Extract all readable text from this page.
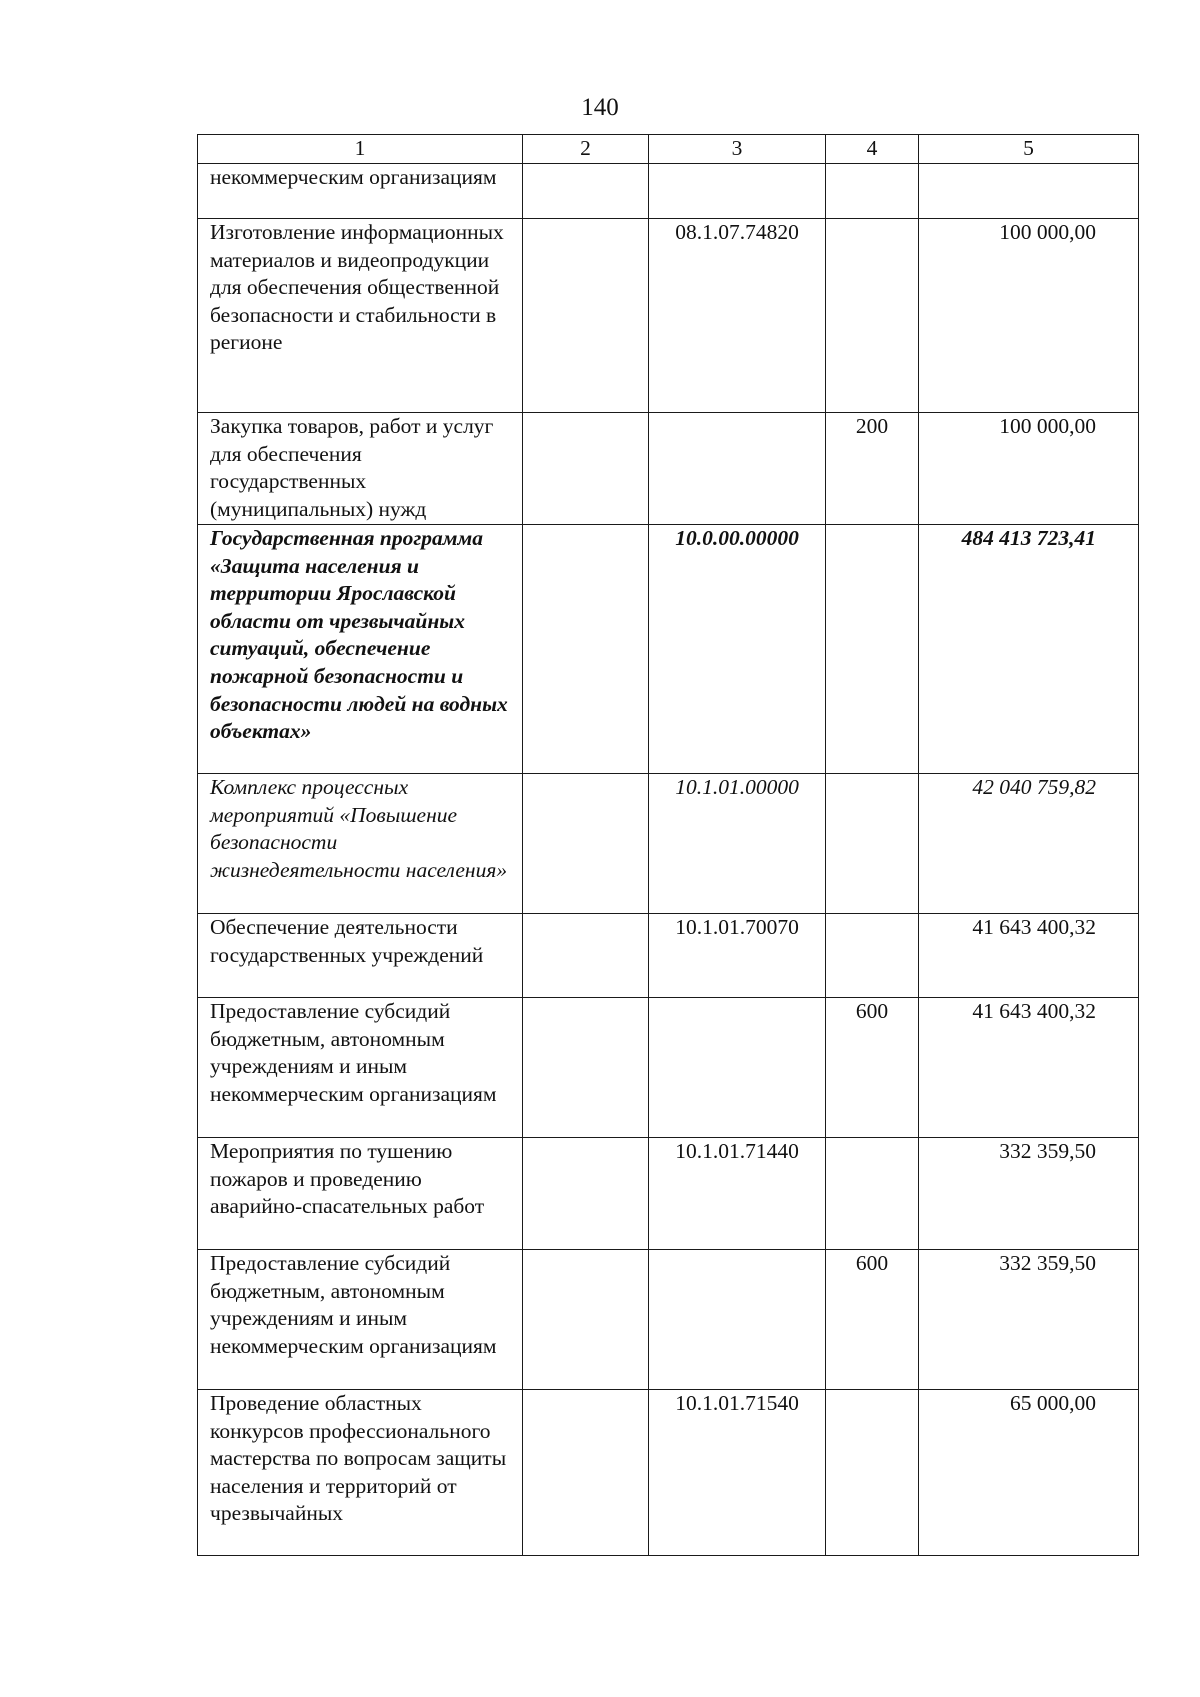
140
1	2	3	4	5
некоммерческим организациям				
Изготовление информационных материалов и видеопродукции для обеспечения общественной безопасности и стабильности в регионе		08.1.07.74820		100 000,00
Закупка товаров, работ и услуг для обеспечения государственных (муниципальных) нужд			200	100 000,00
Государственная программа «Защита населения и территории Ярославской области от чрезвычайных ситуаций, обеспечение пожарной безопасности и безопасности людей на водных объектах»		10.0.00.00000		484 413 723,41
Комплекс процессных мероприятий «Повышение безопасности жизнедеятельности населения»		10.1.01.00000		42 040 759,82
Обеспечение деятельности государственных учреждений		10.1.01.70070		41 643 400,32
Предоставление субсидий бюджетным, автономным учреждениям и иным некоммерческим организациям			600	41 643 400,32
Мероприятия по тушению пожаров и проведению аварийно-спасательных работ		10.1.01.71440		332 359,50
Предоставление субсидий бюджетным, автономным учреждениям и иным некоммерческим организациям			600	332 359,50
Проведение областных конкурсов профессионального мастерства по вопросам защиты населения и территорий от чрезвычайных		10.1.01.71540		65 000,00
